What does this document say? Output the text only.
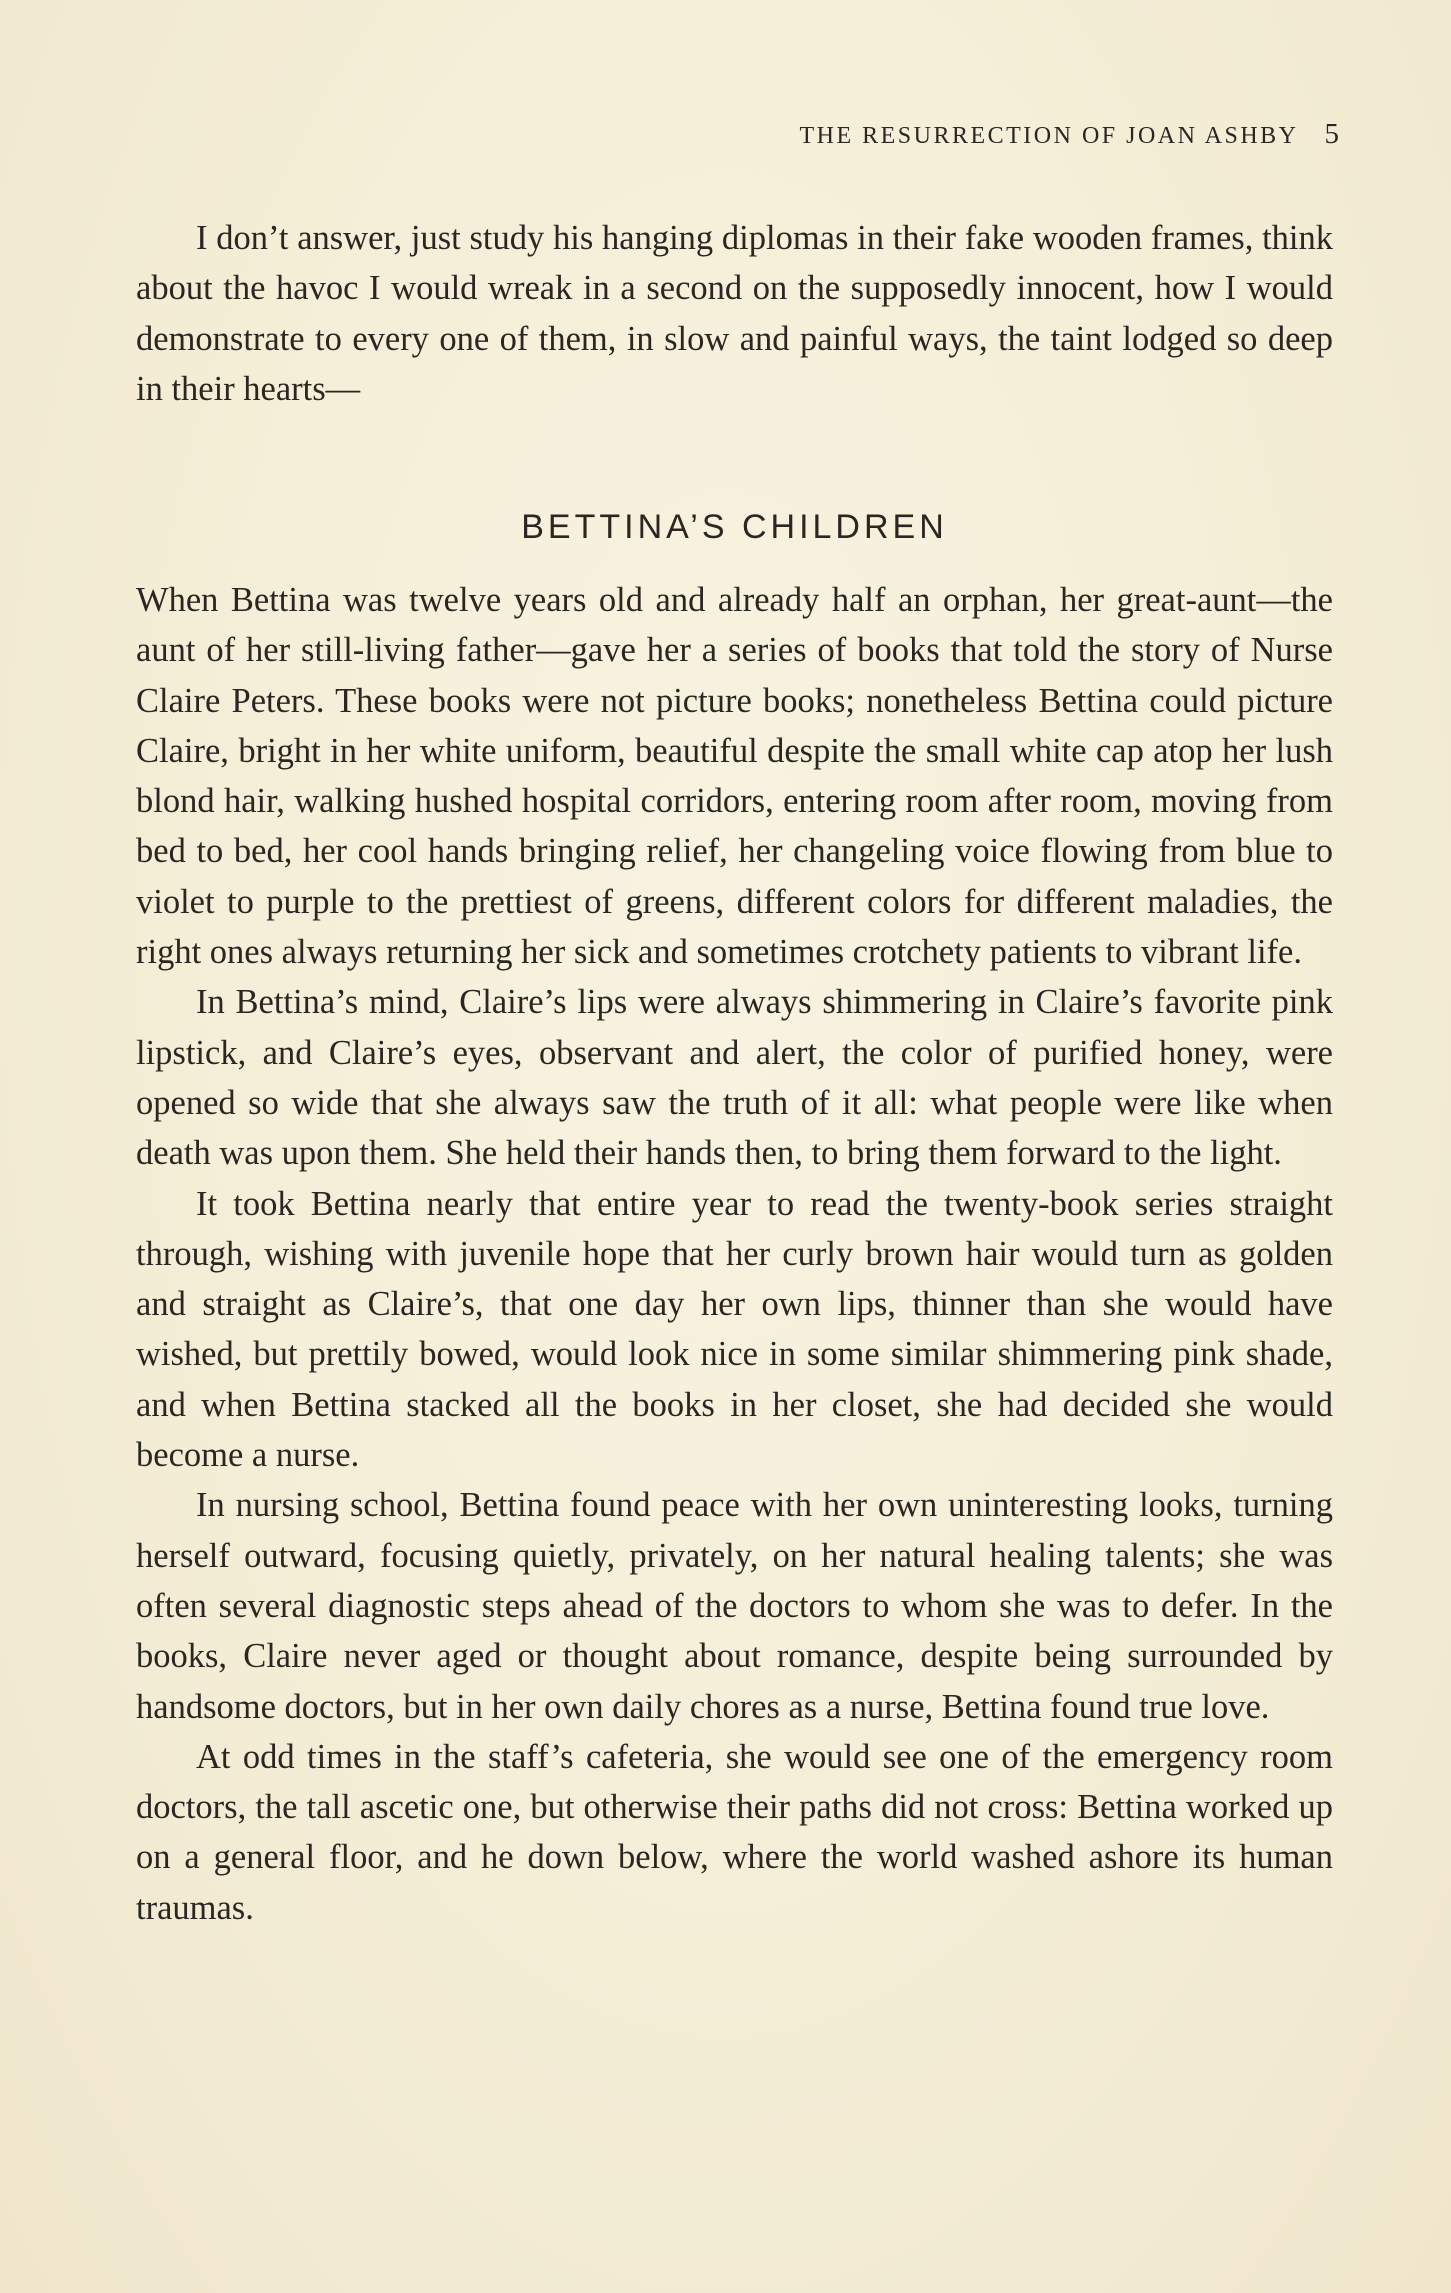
THE RESURRECTION OF JOAN ASHBY 5

I don’t answer, just study his hanging diplomas in their fake wooden frames, think about the havoc I would wreak in a second on the supposedly innocent, how I would demonstrate to every one of them, in slow and painful ways, the taint lodged so deep in their hearts—

BETTINA’S CHILDREN

When Bettina was twelve years old and already half an orphan, her great-aunt—the aunt of her still-living father—gave her a series of books that told the story of Nurse Claire Peters. These books were not picture books; nonetheless Bettina could picture Claire, bright in her white uniform, beautiful despite the small white cap atop her lush blond hair, walking hushed hospital corridors, entering room after room, moving from bed to bed, her cool hands bringing relief, her changeling voice flowing from blue to violet to purple to the prettiest of greens, different colors for different maladies, the right ones always returning her sick and sometimes crotchety patients to vibrant life.

In Bettina’s mind, Claire’s lips were always shimmering in Claire’s favorite pink lipstick, and Claire’s eyes, observant and alert, the color of purified honey, were opened so wide that she always saw the truth of it all: what people were like when death was upon them. She held their hands then, to bring them forward to the light.

It took Bettina nearly that entire year to read the twenty-book series straight through, wishing with juvenile hope that her curly brown hair would turn as golden and straight as Claire’s, that one day her own lips, thinner than she would have wished, but prettily bowed, would look nice in some similar shimmering pink shade, and when Bettina stacked all the books in her closet, she had decided she would become a nurse.

In nursing school, Bettina found peace with her own uninteresting looks, turning herself outward, focusing quietly, privately, on her natural healing talents; she was often several diagnostic steps ahead of the doctors to whom she was to defer. In the books, Claire never aged or thought about romance, despite being surrounded by handsome doctors, but in her own daily chores as a nurse, Bettina found true love.

At odd times in the staff’s cafeteria, she would see one of the emergency room doctors, the tall ascetic one, but otherwise their paths did not cross: Bettina worked up on a general floor, and he down below, where the world washed ashore its human traumas.
